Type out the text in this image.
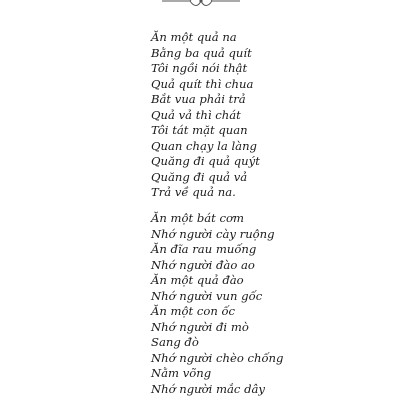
Ăn một quả na
Bằng ba quả quít
Tôi ngồi nói thật
Quả quít thì chua
Bắt vua phải trả
Quả vả thì chát
Tôi tát mặt quan
Quan chạy la làng
Quăng đi quả quýt
Quăng đi quả vả
Trả về quả na.
Ăn một bát cơm
Nhớ người cày ruộng
Ăn đĩa rau muống
Nhớ người đào ao
Ăn một quả đào
Nhớ người vun gốc
Ăn một con ốc
Nhớ người đi mò
Sang đò
Nhớ người chèo chống
Nằm võng
Nhớ người mắc dây
